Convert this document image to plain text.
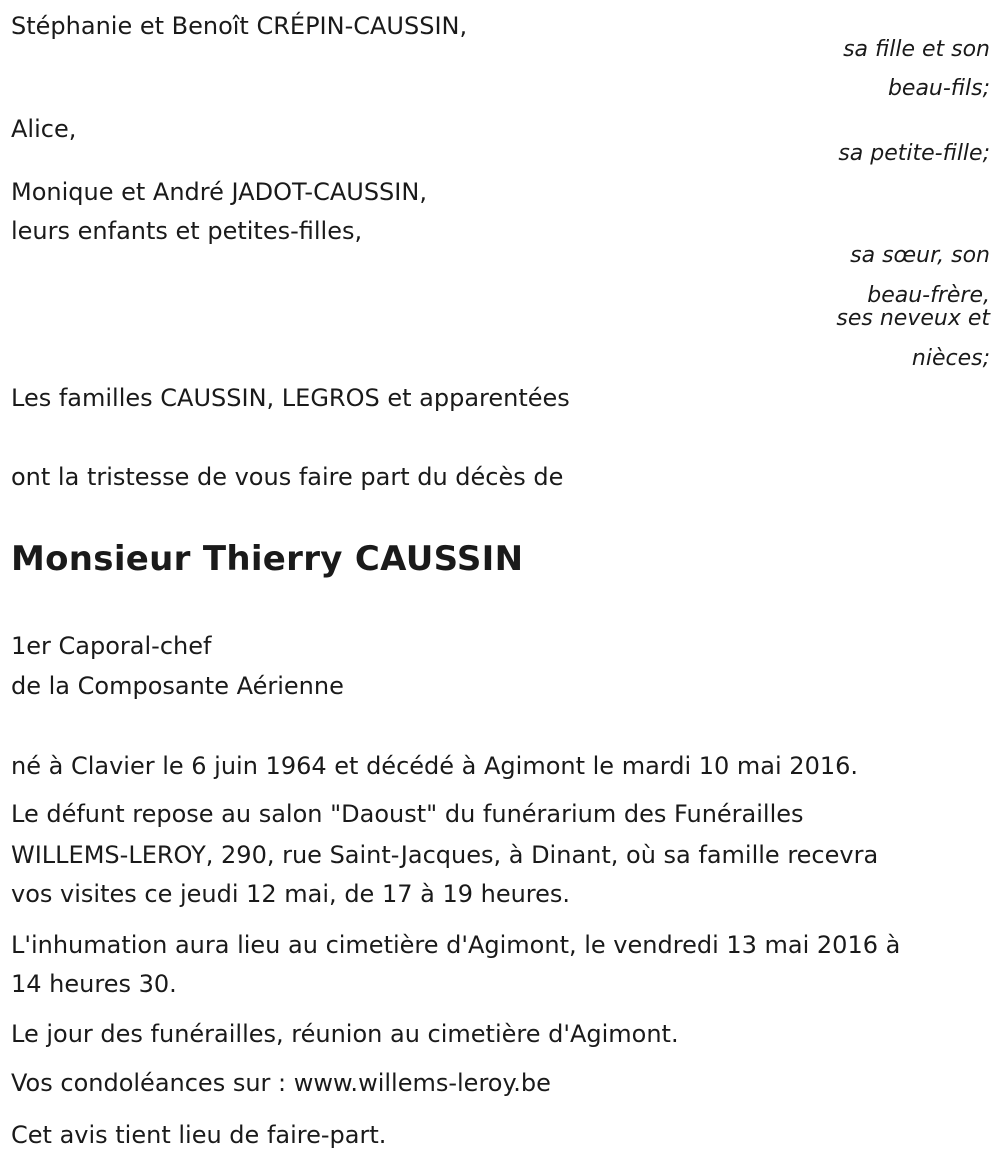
Stéphanie et Benoît CRÉPIN-CAUSSIN,

sa fille et son

beau-fils;

Alice,

sa petite-fille;

Monique et André JADOT-CAUSSIN,

leurs enfants et petites-filles,

sa sœur, son

beau-frère,

ses neveux et

nièces;

Les familles CAUSSIN, LEGROS et apparentées

ont la tristesse de vous faire part du décès de

Monsieur Thierry CAUSSIN

1er Caporal-chef

de la Composante Aérienne

né à Clavier le 6 juin 1964 et décédé à Agimont le mardi 10 mai 2016.

Le défunt repose au salon "Daoust" du funérarium des Funérailles

WILLEMS-LEROY, 290, rue Saint-Jacques, à Dinant, où sa famille recevra

vos visites ce jeudi 12 mai, de 17 à 19 heures.

L'inhumation aura lieu au cimetière d'Agimont, le vendredi 13 mai 2016 à

14 heures 30.

Le jour des funérailles, réunion au cimetière d'Agimont.

Vos condoléances sur : www.willems-leroy.be

Cet avis tient lieu de faire-part.
